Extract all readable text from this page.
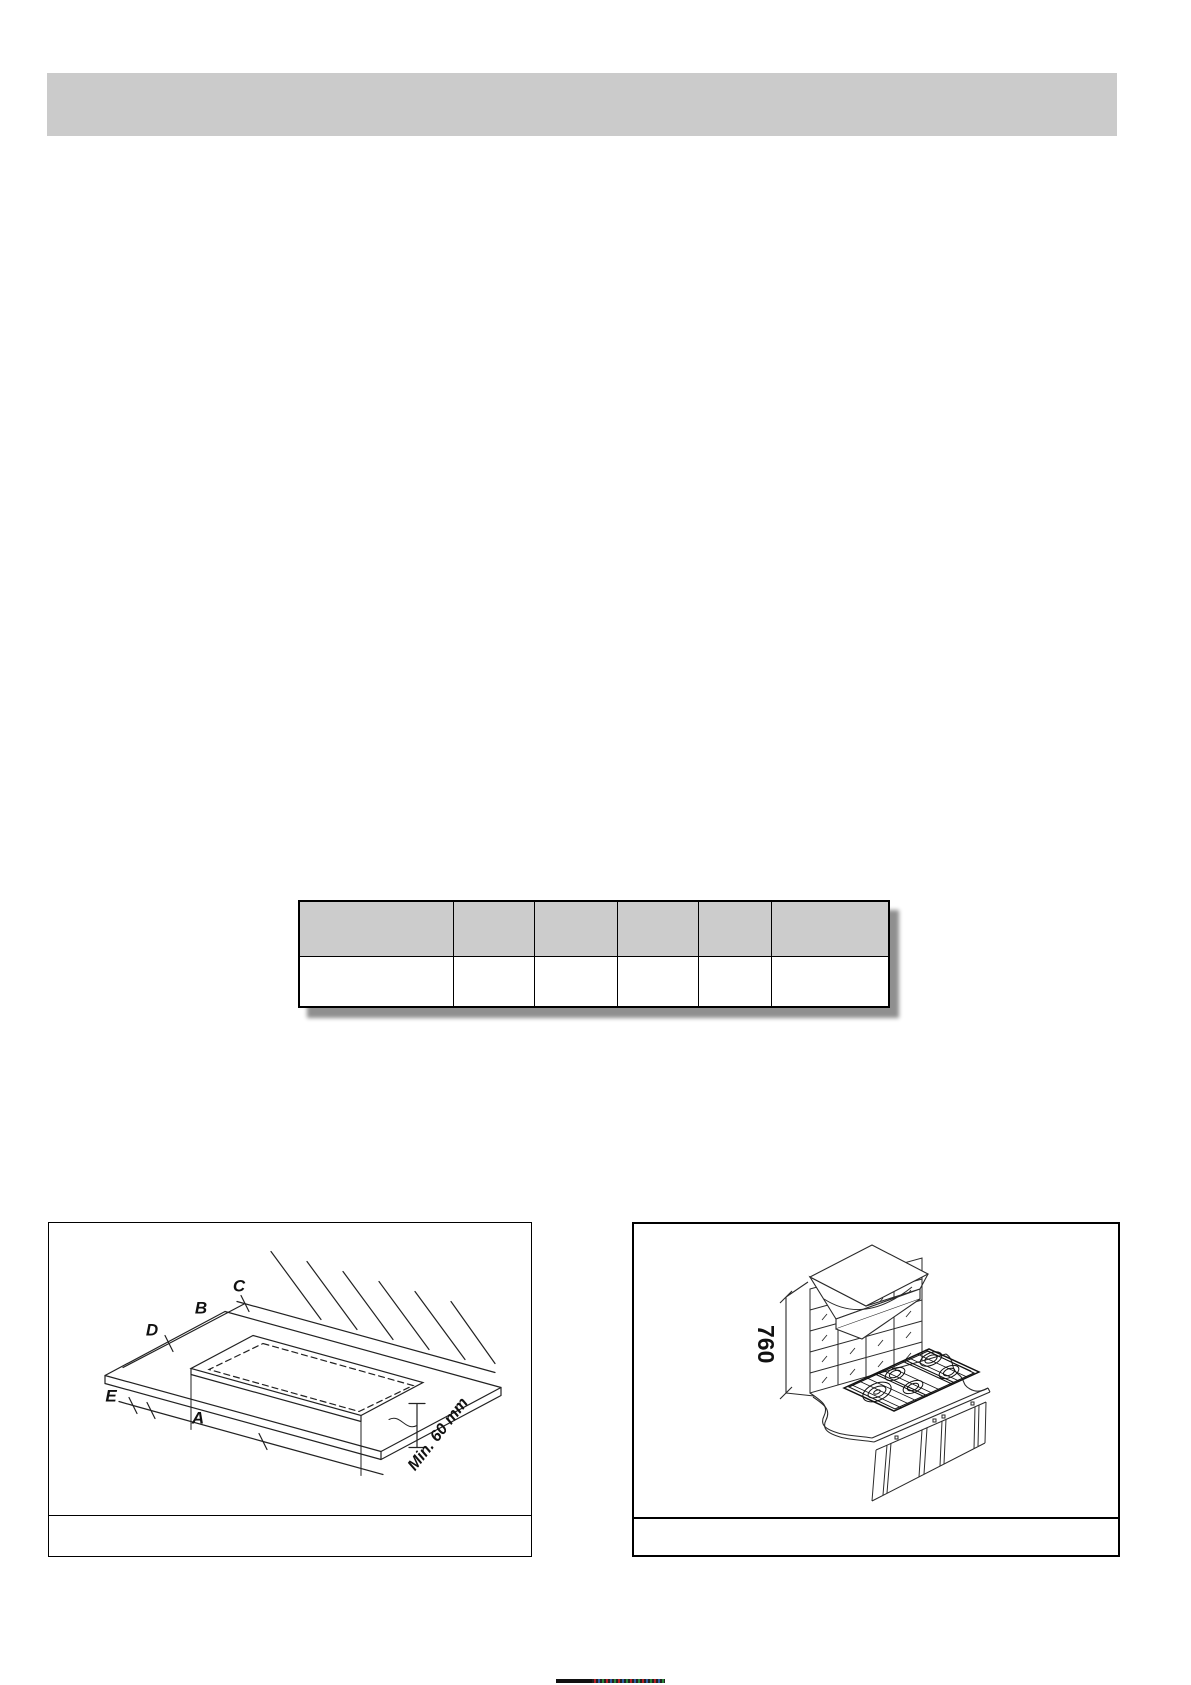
C
B
D
E
A	Min. 60 mm
760
